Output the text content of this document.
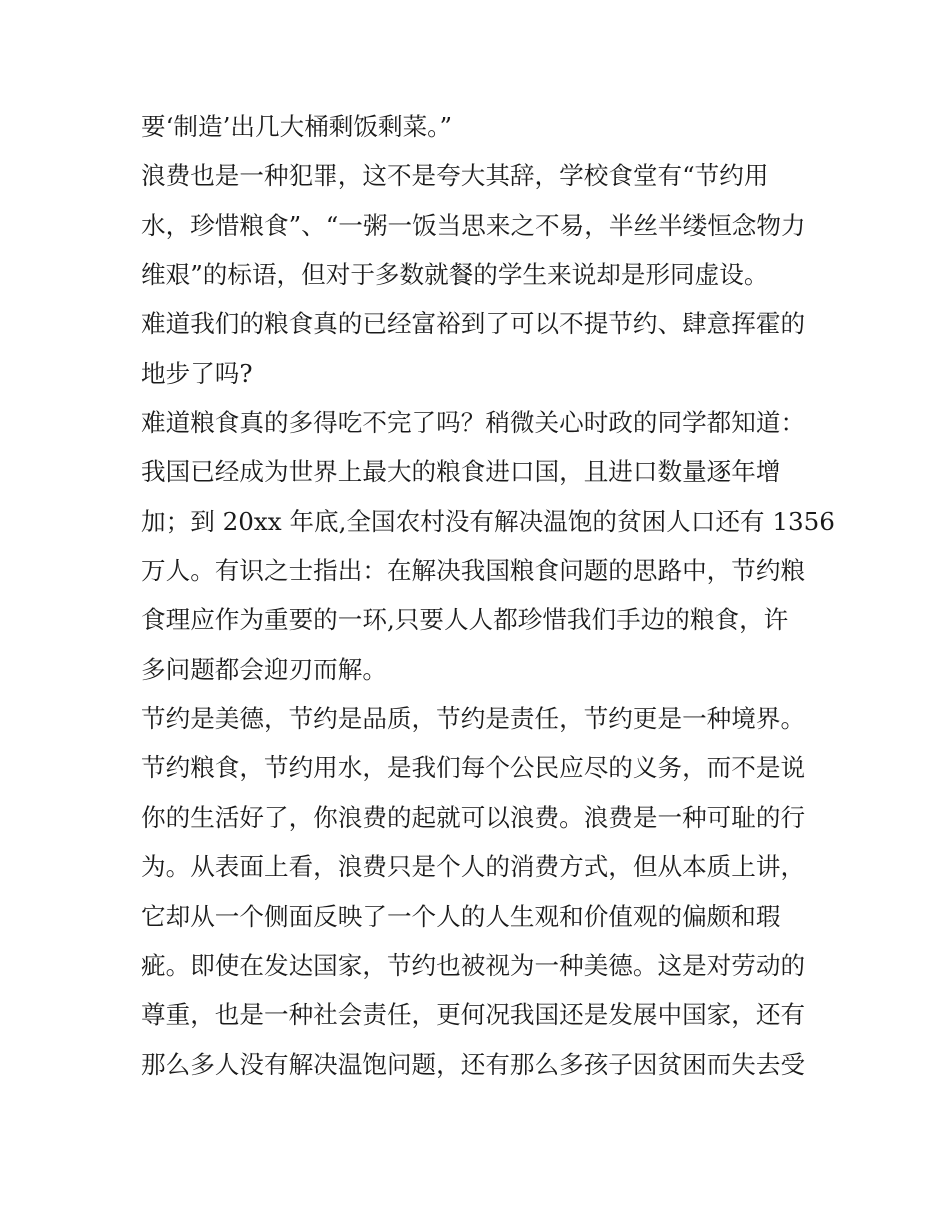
要‘制造’出几大桶剩饭剩菜。”
浪费也是一种犯罪，这不是夸大其辞，学校食堂有“节约用
水，珍惜粮食”、“一粥一饭当思来之不易，半丝半缕恒念物力
维艰”的标语，但对于多数就餐的学生来说却是形同虚设。
难道我们的粮食真的已经富裕到了可以不提节约、肆意挥霍的
地步了吗?
难道粮食真的多得吃不完了吗？稍微关心时政的同学都知道：
我国已经成为世界上最大的粮食进口国，且进口数量逐年增
加；到 20xx 年底,全国农村没有解决温饱的贫困人口还有 1356
万人。有识之士指出：在解决我国粮食问题的思路中，节约粮
食理应作为重要的一环,只要人人都珍惜我们手边的粮食，许
多问题都会迎刃而解。
节约是美德，节约是品质，节约是责任，节约更是一种境界。
节约粮食，节约用水，是我们每个公民应尽的义务，而不是说
你的生活好了，你浪费的起就可以浪费。浪费是一种可耻的行
为。从表面上看，浪费只是个人的消费方式，但从本质上讲，
它却从一个侧面反映了一个人的人生观和价值观的偏颇和瑕
疵。即使在发达国家，节约也被视为一种美德。这是对劳动的
尊重，也是一种社会责任，更何况我国还是发展中国家，还有
那么多人没有解决温饱问题，还有那么多孩子因贫困而失去受
